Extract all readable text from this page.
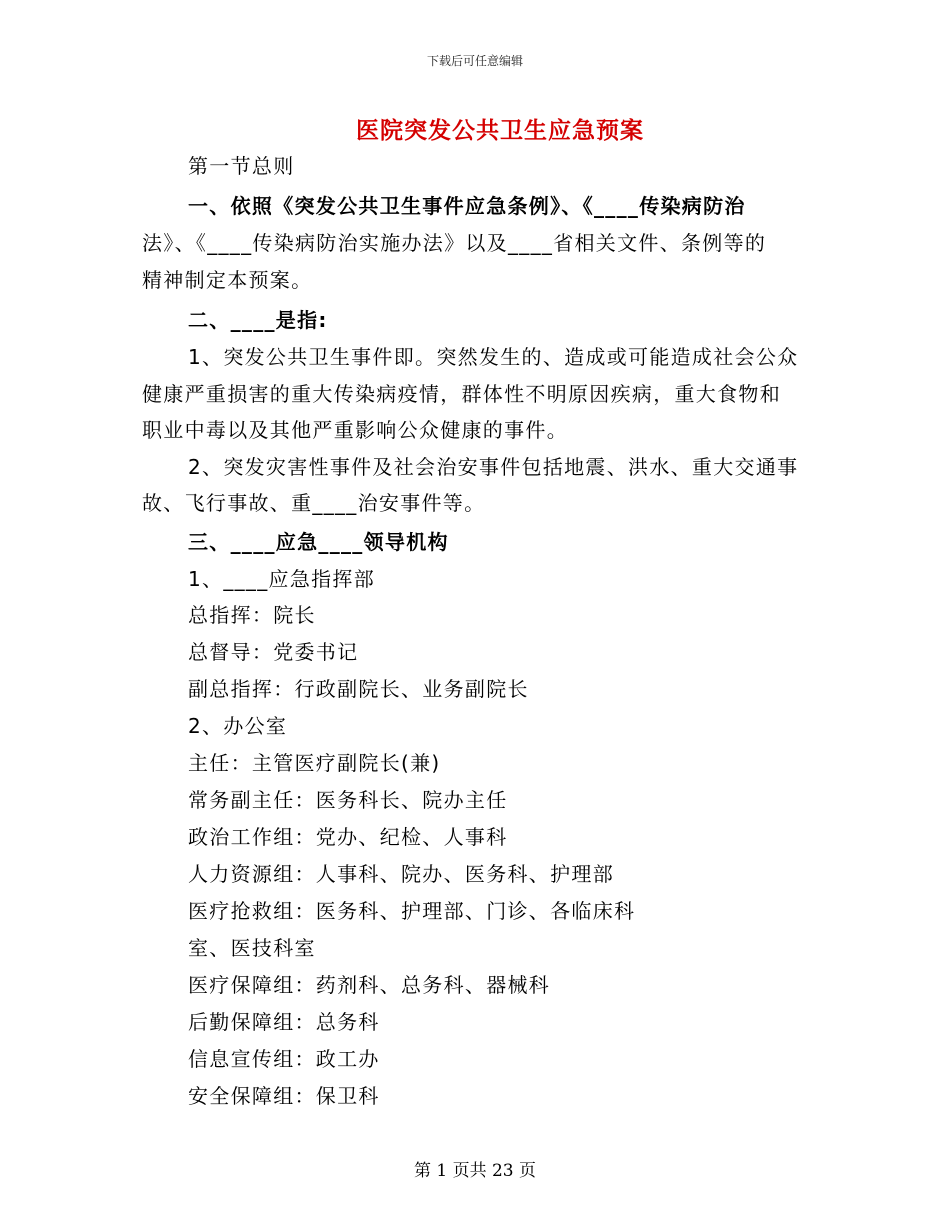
下载后可任意编辑
医院突发公共卫生应急预案
第一节总则
一、依照《突发公共卫生事件应急条例》、《____传染病防治
法》、《____传染病防治实施办法》以及____省相关文件、条例等的
精神制定本预案。
二、____是指:
1、突发公共卫生事件即。突然发生的、造成或可能造成社会公众
健康严重损害的重大传染病疫情，群体性不明原因疾病，重大食物和
职业中毒以及其他严重影响公众健康的事件。
2、突发灾害性事件及社会治安事件包括地震、洪水、重大交通事
故、飞行事故、重____治安事件等。
三、____应急____领导机构
1、____应急指挥部
总指挥：院长
总督导：党委书记
副总指挥：行政副院长、业务副院长
2、办公室
主任：主管医疗副院长(兼)
常务副主任：医务科长、院办主任
政治工作组：党办、纪检、人事科
人力资源组：人事科、院办、医务科、护理部
医疗抢救组：医务科、护理部、门诊、各临床科
室、医技科室
医疗保障组：药剂科、总务科、器械科
后勤保障组：总务科
信息宣传组：政工办
安全保障组：保卫科
第 1 页共 23 页
